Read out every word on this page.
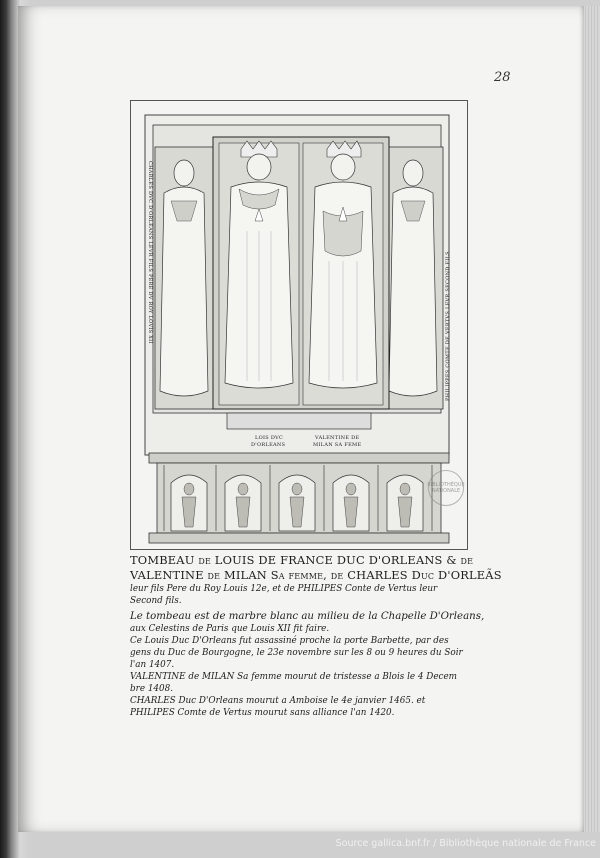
28
CHARLES DVC D'ORLEANS LEVR FILS PERE DV ROY LOVIS XII	PHILIPPES COMTE DE VERTVS LEVR SECOND FILS
LOIS DVC
D'ORLEANS
VALENTINE DE
MILAN SA FEME
BIBLIOTHÈQUE NATIONALE

TOMBEAU de LOUIS DE FRANCE DUC D'ORLEANS & de

VALENTINE de MILAN Sa femme, de CHARLES Duc D'ORLEÃS

leur fils Pere du Roy Louis 12e, et de PHILIPES Conte de Vertus leur

Second fils.

Le tombeau est de marbre blanc au milieu de la Chapelle D'Orleans,

aux Celestins de Paris que Louis XII fit faire.

Ce Louis Duc D'Orleans fut assassiné proche la porte Barbette, par des

gens du Duc de Bourgogne, le 23e novembre sur les 8 ou 9 heures du Soir

l'an 1407.

VALENTINE de MILAN Sa femme mourut de tristesse a Blois le 4 Decem

bre 1408.

CHARLES Duc D'Orleans mourut a Amboise le 4e janvier 1465. et

PHILIPES Comte de Vertus mourut sans alliance l'an 1420.

Source gallica.bnf.fr / Bibliothèque nationale de France
